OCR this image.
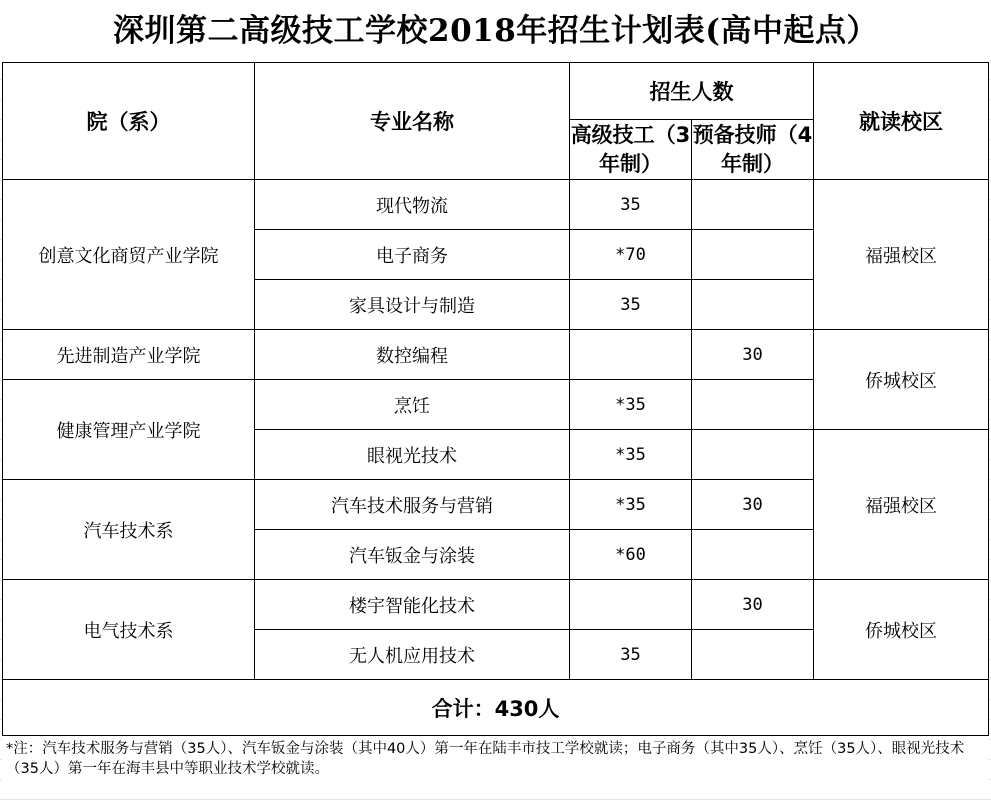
深圳第二高级技工学校2018年招生计划表(高中起点）
院（系）	专业名称	招生人数		就读校区
		高级技工（3年制）	预备技师（4年制）	
创意文化商贸产业学院	现代物流	35		福强校区
	电子商务	*70		
	家具设计与制造	35		
先进制造产业学院	数控编程		30	侨城校区
健康管理产业学院	烹饪	*35		
	眼视光技术	*35		福强校区
汽车技术系	汽车技术服务与营销	*35	30	
	汽车钣金与涂装	*60		
电气技术系	楼宇智能化技术		30	侨城校区
	无人机应用技术	35		
合计：430人				
*注：汽车技术服务与营销（35人）、汽车钣金与涂装（其中40人）第一年在陆丰市技工学校就读；电子商务（其中35人）、烹饪（35人）、眼视光技术（35人）第一年在海丰县中等职业技术学校就读。
